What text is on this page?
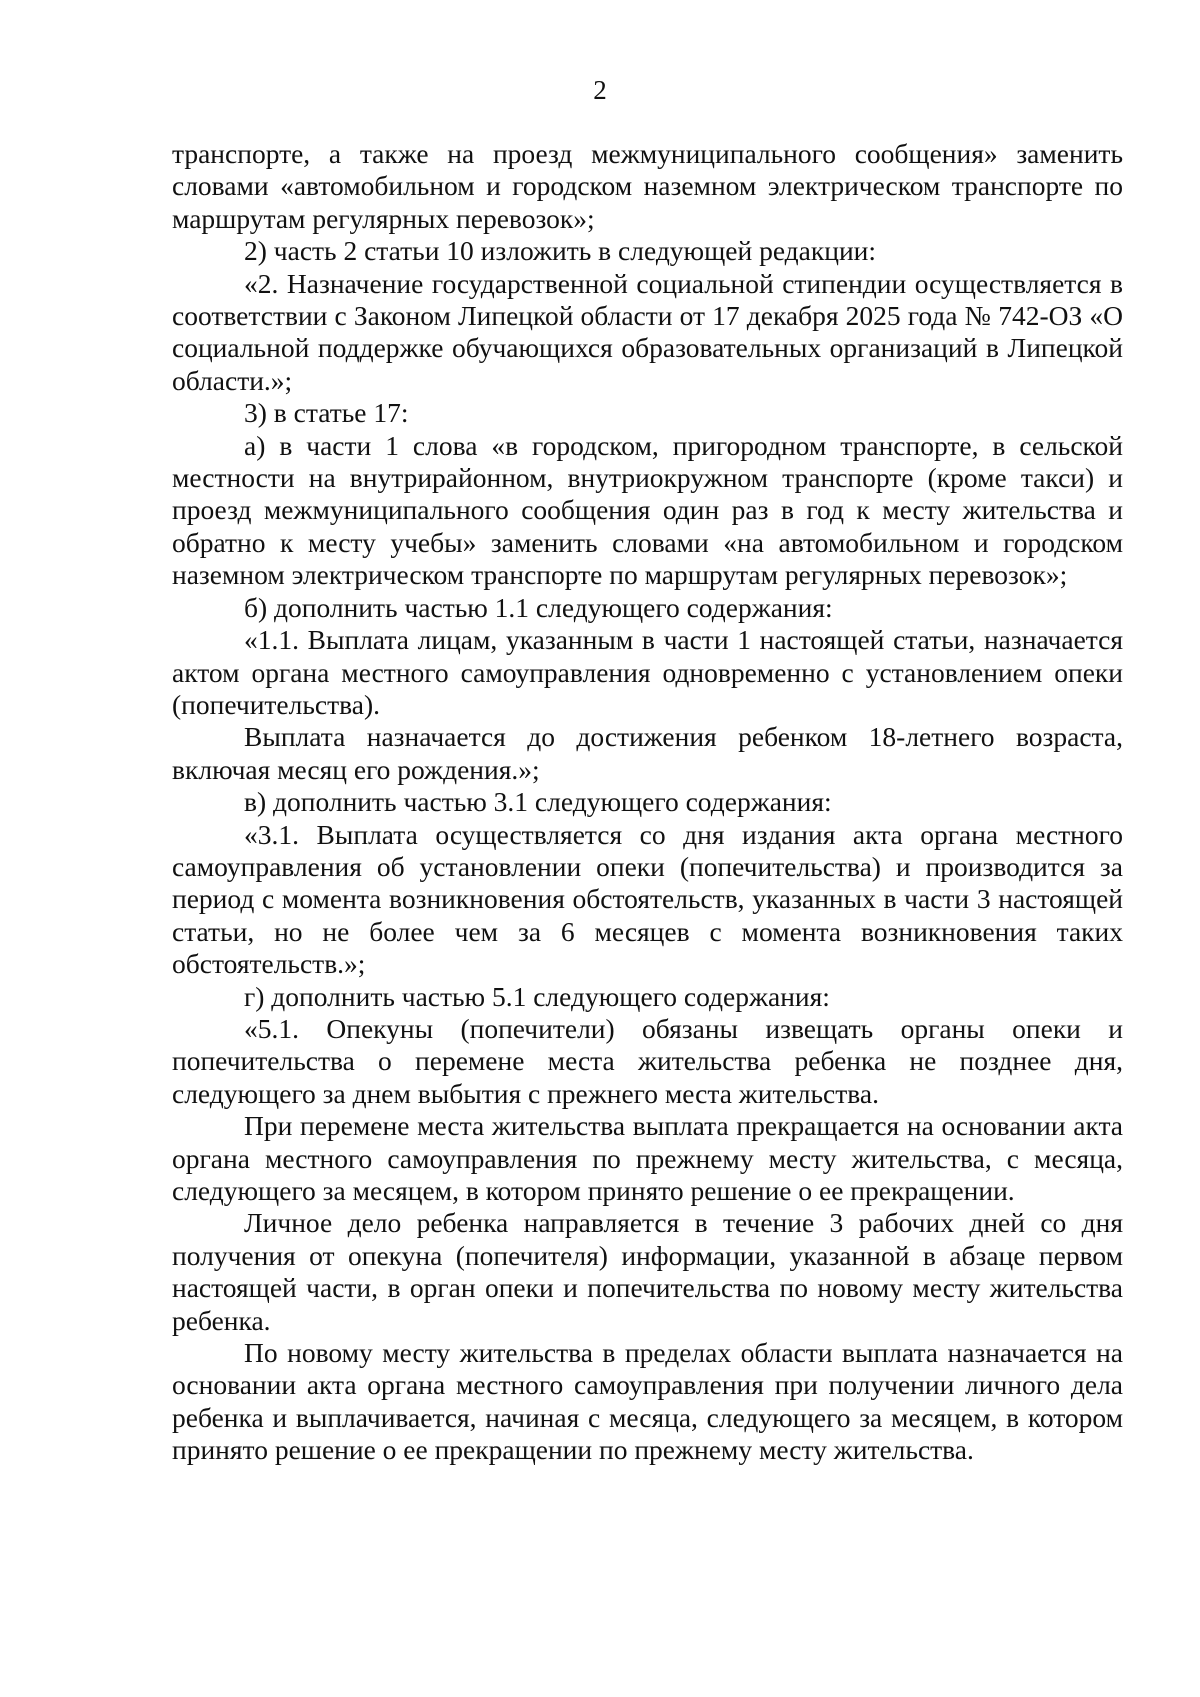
2

транспорте, а также на проезд межмуниципального сообщения» заменить словами «автомобильном и городском наземном электрическом транспорте по маршрутам регулярных перевозок»;

2) часть 2 статьи 10 изложить в следующей редакции:

«2. Назначение государственной социальной стипендии осуществляется в соответствии с Законом Липецкой области от 17 декабря 2025 года № 742-ОЗ «О социальной поддержке обучающихся образовательных организаций в Липецкой области.»;

3) в статье 17:

а) в части 1 слова «в городском, пригородном транспорте, в сельской местности на внутрирайонном, внутриокружном транспорте (кроме такси) и проезд межмуниципального сообщения один раз в год к месту жительства и обратно к месту учебы» заменить словами «на автомобильном и городском наземном электрическом транспорте по маршрутам регулярных перевозок»;

б) дополнить частью 1.1 следующего содержания:

«1.1. Выплата лицам, указанным в части 1 настоящей статьи, назначается актом органа местного самоуправления одновременно с установлением опеки (попечительства).

Выплата назначается до достижения ребенком 18-летнего возраста, включая месяц его рождения.»;

в) дополнить частью 3.1 следующего содержания:

«3.1. Выплата осуществляется со дня издания акта органа местного самоуправления об установлении опеки (попечительства) и производится за период с момента возникновения обстоятельств, указанных в части 3 настоящей статьи, но не более чем за 6 месяцев с момента возникновения таких обстоятельств.»;

г) дополнить частью 5.1 следующего содержания:

«5.1. Опекуны (попечители) обязаны извещать органы опеки и попечительства о перемене места жительства ребенка не позднее дня, следующего за днем выбытия с прежнего места жительства.

При перемене места жительства выплата прекращается на основании акта органа местного самоуправления по прежнему месту жительства, с месяца, следующего за месяцем, в котором принято решение о ее прекращении.

Личное дело ребенка направляется в течение 3 рабочих дней со дня получения от опекуна (попечителя) информации, указанной в абзаце первом настоящей части, в орган опеки и попечительства по новому месту жительства ребенка.

По новому месту жительства в пределах области выплата назначается на основании акта органа местного самоуправления при получении личного дела ребенка и выплачивается, начиная с месяца, следующего за месяцем, в котором принято решение о ее прекращении по прежнему месту жительства.
